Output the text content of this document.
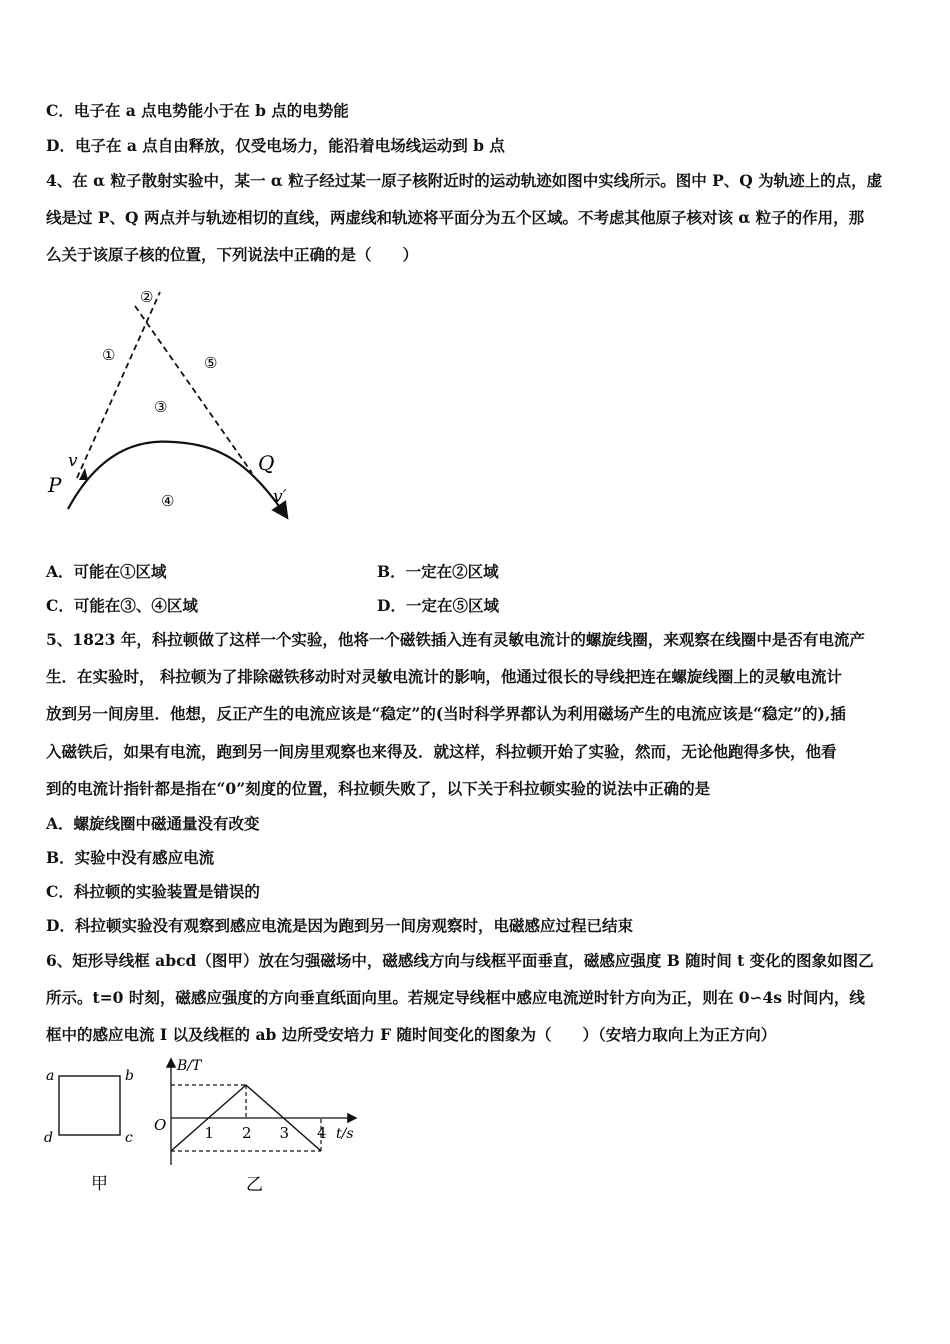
C．电子在 a 点电势能小于在 b 点的电势能
D．电子在 a 点自由释放，仅受电场力，能沿着电场线运动到 b 点
4、在 α 粒子散射实验中，某一 α 粒子经过某一原子核附近时的运动轨迹如图中实线所示。图中 P、Q 为轨迹上的点，虚
线是过 P、Q 两点并与轨迹相切的直线，两虚线和轨迹将平面分为五个区域。不考虑其他原子核对该 α 粒子的作用，那
么关于该原子核的位置，下列说法中正确的是（　　）
②
①	⑤
③
④
P
Q
v
v′
A．可能在①区域	B．一定在②区域
C．可能在③、④区域	D．一定在⑤区域
5、1823 年，科拉顿做了这样一个实验，他将一个磁铁插入连有灵敏电流计的螺旋线圈，来观察在线圈中是否有电流产
生．在实验时， 科拉顿为了排除磁铁移动时对灵敏电流计的影响，他通过很长的导线把连在螺旋线圈上的灵敏电流计
放到另一间房里．他想，反正产生的电流应该是“稳定”的(当时科学界都认为利用磁场产生的电流应该是“稳定”的),插
入磁铁后，如果有电流，跑到另一间房里观察也来得及．就这样，科拉顿开始了实验，然而，无论他跑得多快，他看
到的电流计指针都是指在“0”刻度的位置，科拉顿失败了，以下关于科拉顿实验的说法中正确的是
A．螺旋线圈中磁通量没有改变
B．实验中没有感应电流
C．科拉顿的实验装置是错误的
D．科拉顿实验没有观察到感应电流是因为跑到另一间房观察时，电磁感应过程已结束
6、矩形导线框 abcd（图甲）放在匀强磁场中，磁感线方向与线框平面垂直，磁感应强度 B 随时间 t 变化的图象如图乙
所示。t=0 时刻，磁感应强度的方向垂直纸面向里。若规定导线框中感应电流逆时针方向为正，则在 0∽4s 时间内，线
框中的感应电流 I 以及线框的 ab 边所受安培力 F 随时间变化的图象为（　　）（安培力取向上为正方向）
a	b
d	c
甲
1 2 3 4
B/T
t/s
O
乙
